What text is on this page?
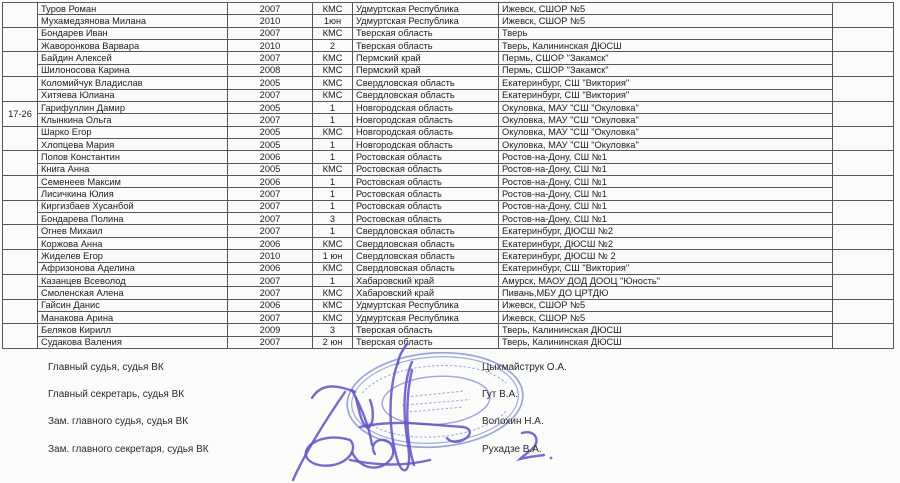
	Туров Роман	2007	КМС	Удмуртская Республика	Ижевск, СШОР №5	
	Мухамедзянова Милана	2010	1юн	Удмуртская Республика	Ижевск, СШОР №5	
	Бондарев Иван	2007	КМС	Тверская область	Тверь	
	Жаворонкова Варвара	2010	2	Тверская область	Тверь, Калининская ДЮСШ	
	Байдин Алексей	2007	КМС	Пермский край	Пермь, СШОР "Закамск"	
	Шилоносова Карина	2008	КМС	Пермский край	Пермь, СШОР "Закамск"	
	Коломийчук Владислав	2005	КМС	Свердловская область	Екатеринбург, СШ "Виктория"	
	Хитяева Юлиана	2007	КМС	Свердловская область	Екатеринбург, СШ "Виктория"	
17-26	Гарифуллин Дамир	2005	1	Новгородская область	Окуловка, МАУ "СШ "Окуловка"	
	Клынкина Ольга	2007	1	Новгородская область	Окуловка, МАУ "СШ "Окуловка"	
	Шарко Егор	2005	КМС	Новгородская область	Окуловка, МАУ "СШ "Окуловка"	
	Хлопцева Мария	2005	1	Новгородская область	Окуловка, МАУ "СШ "Окуловка"	
	Попов Константин	2006	1	Ростовская область	Ростов-на-Дону, СШ №1	
	Книга Анна	2005	КМС	Ростовская область	Ростов-на-Дону, СШ №1	
	Семенеев Максим	2006	1	Ростовская область	Ростов-на-Дону, СШ №1	
	Лисичкина Юлия	2007	1	Ростовская область	Ростов-на-Дону, СШ №1	
	Киргизбаев Хусанбой	2007	1	Ростовская область	Ростов-на-Дону, СШ №1	
	Бондарева Полина	2007	3	Ростовская область	Ростов-на-Дону, СШ №1	
	Огнев Михаил	2007	1	Свердловская область	Екатеринбург, ДЮСШ №2	
	Коржова Анна	2006	КМС	Свердловская область	Екатеринбург, ДЮСШ №2	
	Жиделев Егор	2010	1 юн	Свердловская область	Екатеринбург, ДЮСШ № 2	
	Афризонова Аделина	2006	КМС	Свердловская область	Екатеринбург, СШ "Виктория"	
	Казанцев Всеволод	2007	1	Хабаровский край	Амурск, МАОУ ДОД ДООЦ "Юность"	
	Смоленская Алена	2007	КМС	Хабаровский край	Пивань,МБУ ДО ЦРТДЮ	
	Гайсин Данис	2006	КМС	Удмуртская Республика	Ижевск, СШОР №5	
	Манакова Арина	2007	КМС	Удмуртская Республика	Ижевск, СШОР №5	
	Беляков Кирилл	2009	3	Тверская область	Тверь, Калининская ДЮСШ	
	Судакова Валения	2007	2 юн	Тверская область	Тверь, Калининская ДЮСШ	
Главный судья, судья ВК	Цыхмайструк О.А.
Главный секретарь, судья ВК	Гут В.А.
Зам. главного судья, судья ВК	Волохин Н.А.
Зам. главного секретаря, судья ВК	Рухадзе В.А.
